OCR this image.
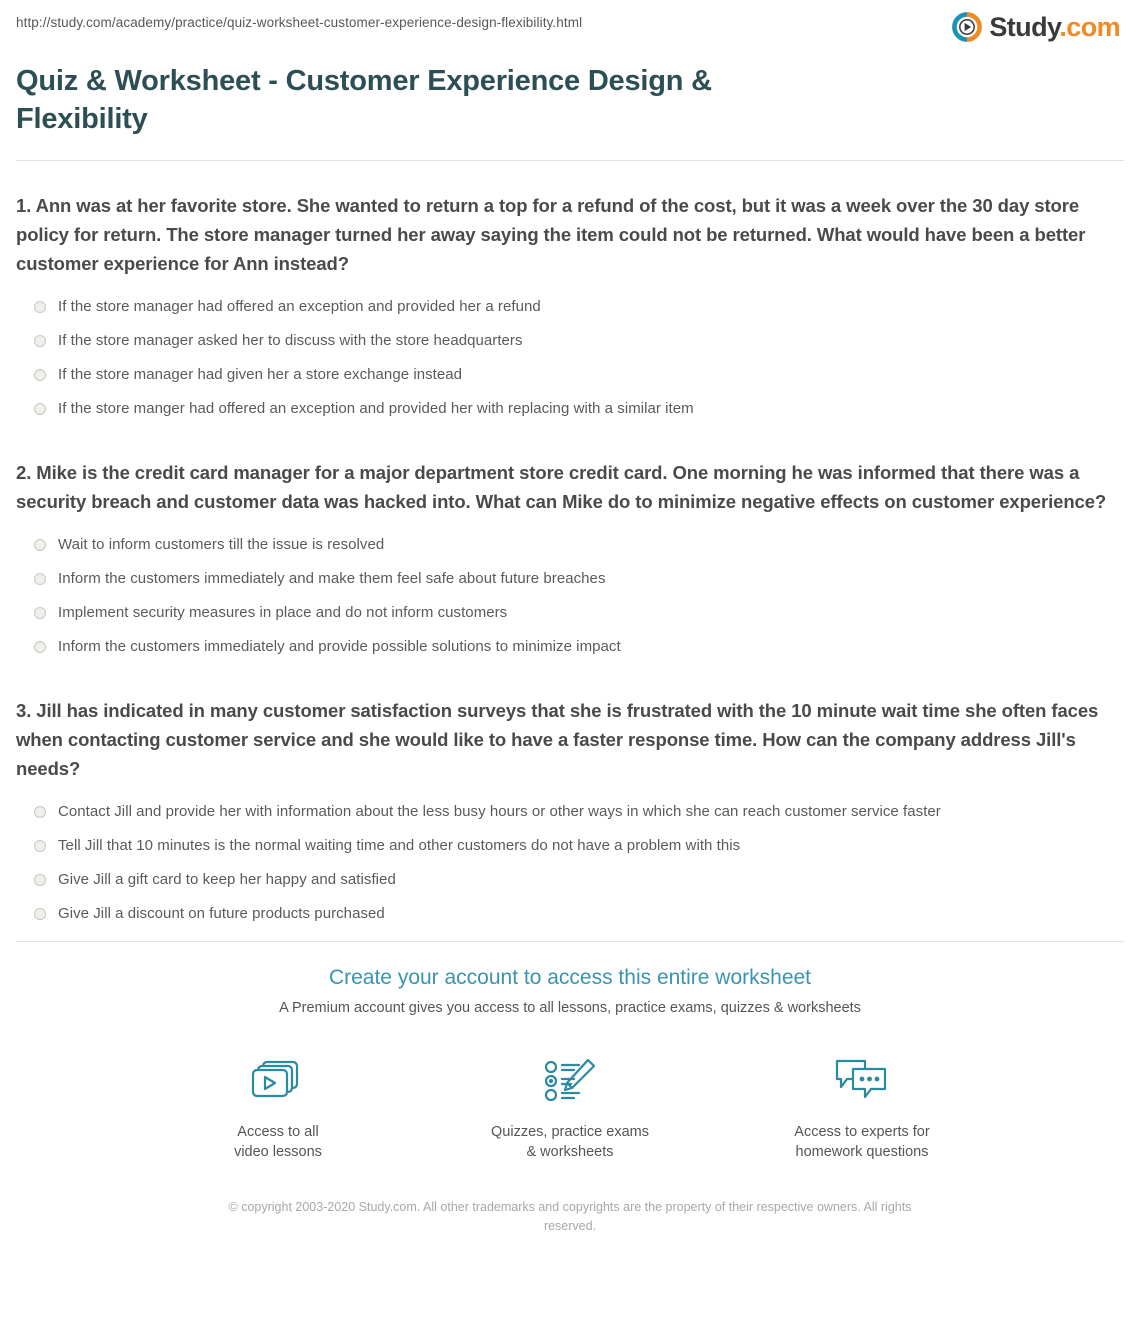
http://study.com/academy/practice/quiz-worksheet-customer-experience-design-flexibility.html	Study.com
Quiz & Worksheet - Customer Experience Design & Flexibility

1. Ann was at her favorite store. She wanted to return a top for a refund of the cost, but it was a week over the 30 day store policy for return. The store manager turned her away saying the item could not be returned. What would have been a better customer experience for Ann instead?

If the store manager had offered an exception and provided her a refund
If the store manager asked her to discuss with the store headquarters
If the store manager had given her a store exchange instead
If the store manger had offered an exception and provided her with replacing with a similar item

2. Mike is the credit card manager for a major department store credit card. One morning he was informed that there was a security breach and customer data was hacked into. What can Mike do to minimize negative effects on customer experience?

Wait to inform customers till the issue is resolved
Inform the customers immediately and make them feel safe about future breaches
Implement security measures in place and do not inform customers
Inform the customers immediately and provide possible solutions to minimize impact

3. Jill has indicated in many customer satisfaction surveys that she is frustrated with the 10 minute wait time she often faces when contacting customer service and she would like to have a faster response time. How can the company address Jill's needs?

Contact Jill and provide her with information about the less busy hours or other ways in which she can reach customer service faster
Tell Jill that 10 minutes is the normal waiting time and other customers do not have a problem with this
Give Jill a gift card to keep her happy and satisfied
Give Jill a discount on future products purchased
Create your account to access this entire worksheet
A Premium account gives you access to all lessons, practice exams, quizzes & worksheets
Access to all
video lessons
Quizzes, practice exams
& worksheets
Access to experts for
homework questions
© copyright 2003-2020 Study.com. All other trademarks and copyrights are the property of their respective owners. All rights reserved.
